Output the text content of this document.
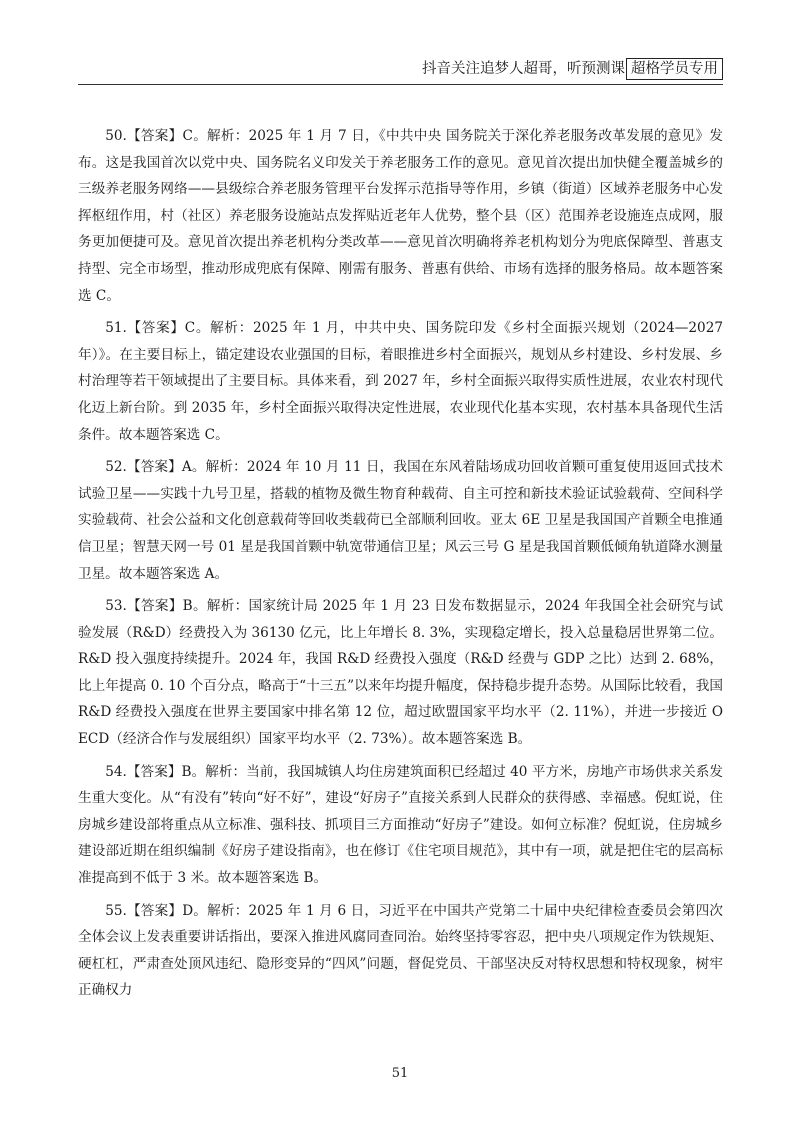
抖音关注追梦人超哥，听预测课 超格学员专用

50.【答案】C。解析：2025 年 1 月 7 日，《中共中央 国务院关于深化养老服务改革发展的意见》发布。这是我国首次以党中央、国务院名义印发关于养老服务工作的意见。意见首次提出加快健全覆盖城乡的三级养老服务网络——县级综合养老服务管理平台发挥示范指导等作用，乡镇（街道）区域养老服务中心发挥枢纽作用，村（社区）养老服务设施站点发挥贴近老年人优势，整个县（区）范围养老设施连点成网，服务更加便捷可及。意见首次提出养老机构分类改革——意见首次明确将养老机构划分为兜底保障型、普惠支持型、完全市场型，推动形成兜底有保障、刚需有服务、普惠有供给、市场有选择的服务格局。故本题答案选 C。

51.【答案】C。解析：2025 年 1 月，中共中央、国务院印发《乡村全面振兴规划（2024—2027 年）》。在主要目标上，锚定建设农业强国的目标，着眼推进乡村全面振兴，规划从乡村建设、乡村发展、乡村治理等若干领域提出了主要目标。具体来看，到 2027 年，乡村全面振兴取得实质性进展，农业农村现代化迈上新台阶。到 2035 年，乡村全面振兴取得决定性进展，农业现代化基本实现，农村基本具备现代生活条件。故本题答案选 C。

52.【答案】A。解析：2024 年 10 月 11 日，我国在东风着陆场成功回收首颗可重复使用返回式技术试验卫星——实践十九号卫星，搭载的植物及微生物育种载荷、自主可控和新技术验证试验载荷、空间科学实验载荷、社会公益和文化创意载荷等回收类载荷已全部顺利回收。亚太 6E 卫星是我国国产首颗全电推通信卫星；智慧天网一号 01 星是我国首颗中轨宽带通信卫星；风云三号 G 星是我国首颗低倾角轨道降水测量卫星。故本题答案选 A。

53.【答案】B。解析：国家统计局 2025 年 1 月 23 日发布数据显示，2024 年我国全社会研究与试验发展（R&D）经费投入为 36130 亿元，比上年增长 8. 3%，实现稳定增长，投入总量稳居世界第二位。R&D 投入强度持续提升。2024 年，我国 R&D 经费投入强度（R&D 经费与 GDP 之比）达到 2. 68%，比上年提高 0. 10 个百分点，略高于“十三五”以来年均提升幅度，保持稳步提升态势。从国际比较看，我国 R&D 经费投入强度在世界主要国家中排名第 12 位，超过欧盟国家平均水平（2. 11%），并进一步接近 OECD（经济合作与发展组织）国家平均水平（2. 73%）。故本题答案选 B。

54.【答案】B。解析：当前，我国城镇人均住房建筑面积已经超过 40 平方米，房地产市场供求关系发生重大变化。从“有没有”转向“好不好”，建设“好房子”直接关系到人民群众的获得感、幸福感。倪虹说，住房城乡建设部将重点从立标准、强科技、抓项目三方面推动“好房子”建设。如何立标准？倪虹说，住房城乡建设部近期在组织编制《好房子建设指南》，也在修订《住宅项目规范》，其中有一项，就是把住宅的层高标准提高到不低于 3 米。故本题答案选 B。

55.【答案】D。解析：2025 年 1 月 6 日，习近平在中国共产党第二十届中央纪律检查委员会第四次全体会议上发表重要讲话指出，要深入推进风腐同查同治。始终坚持零容忍，把中央八项规定作为铁规矩、硬杠杠，严肃查处顶风违纪、隐形变异的“四风”问题，督促党员、干部坚决反对特权思想和特权现象，树牢正确权力

51
